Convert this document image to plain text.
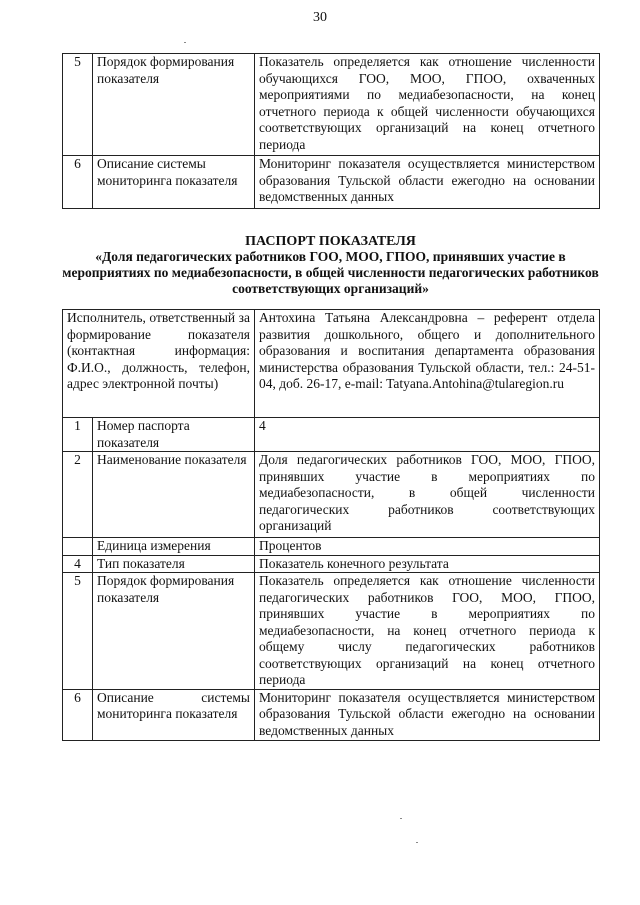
30
5	Порядок формирования показателя	Показатель определяется как отношение численности обучающихся ГОО, МОО, ГПОО, охваченных мероприятиями по медиабезопасности, на конец отчетного периода к общей численности обучающихся соответствующих организаций на конец отчетного периода
6	Описание системы мониторинга показателя	Мониторинг показателя осуществляется министерством образования Тульской области ежегодно на основании ведомственных данных
ПАСПОРТ ПОКАЗАТЕЛЯ
«Доля педагогических работников ГОО, МОО, ГПОО, принявших участие в мероприятиях по медиабезопасности, в общей численности педагогических работников соответствующих организаций»
Исполнитель, ответственный за формирование показателя (контактная информация: Ф.И.О., должность, телефон, адрес электронной почты)		Антохина Татьяна Александровна – референт отдела развития дошкольного, общего и дополнительного образования и воспитания департамента образования министерства образования Тульской области, тел.: 24-51-04, доб. 26-17, e-mail: Tatyana.Antohina@tularegion.ru
1	Номер паспорта показателя	4
2	Наименование показателя	Доля педагогических работников ГОО, МОО, ГПОО, принявших участие в мероприятиях по медиабезопасности, в общей численности педагогических работников соответствующих организаций
	Единица измерения	Процентов
4	Тип показателя	Показатель конечного результата
5	Порядок формирования показателя	Показатель определяется как отношение численности педагогических работников ГОО, МОО, ГПОО, принявших участие в мероприятиях по медиабезопасности, на конец отчетного периода к общему числу педагогических работников соответствующих организаций на конец отчетного периода
6	Описание системы мониторинга показателя	Мониторинг показателя осуществляется министерством образования Тульской области ежегодно на основании ведомственных данных
